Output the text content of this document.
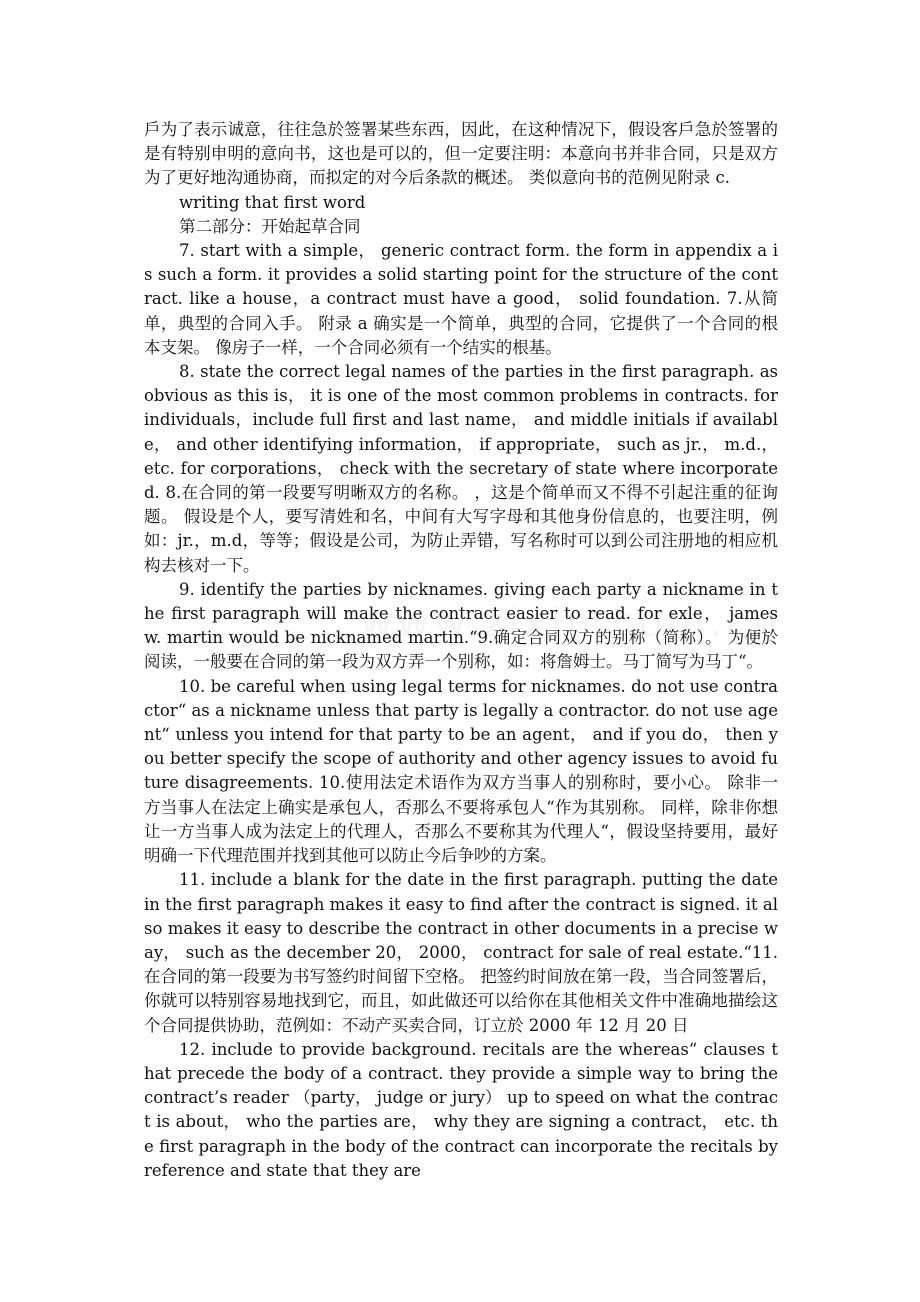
戶为了表示诚意，往往急於签署某些东西，因此，在这种情况下，假设客戶急於签署的是有特别申明的意向书，这也是可以的，但一定要注明：本意向书并非合同，只是双方为了更好地沟通协商，而拟定的对今后条款的概述。 类似意向书的范例见附录 c.

writing that first word

第二部分：开始起草合同

7. start with a simple， generic contract form. the form in appendix a is such a form. it provides a solid starting point for the structure of the contract. like a house，a contract must have a good， solid foundation. 7.从简单，典型的合同入手。 附录 a 确实是一个简单，典型的合同，它提供了一个合同的根本支架。 像房子一样，一个合同必须有一个结实的根基。

8. state the correct legal names of the parties in the first paragraph. as obvious as this is， it is one of the most common problems in contracts. for individuals，include full first and last name， and middle initials if available， and other identifying information， if appropriate， such as jr.， m.d.， etc. for corporations， check with the secretary of state where incorporated. 8.在合同的第一段要写明晰双方的名称。 ，这是个简单而又不得不引起注重的征询题。 假设是个人，要写清姓和名，中间有大写字母和其他身份信息的，也要注明，例如：jr.，m.d，等等；假设是公司，为防止弄错，写名称时可以到公司注册地的相应机构去核对一下。

9. identify the parties by nicknames. giving each party a nickname in the first paragraph will make the contract easier to read. for exle， james w. martin would be nicknamed martin.“9.确定合同双方的别称（简称）。 为便於阅读，一般要在合同的第一段为双方弄一个别称，如：将詹姆士。马丁简写为马丁“。

10. be careful when using legal terms for nicknames. do not use contractor“ as a nickname unless that party is legally a contractor. do not use agent“ unless you intend for that party to be an agent， and if you do， then you better specify the scope of authority and other agency issues to avoid future disagreements. 10.使用法定术语作为双方当事人的别称时，要小心。 除非一方当事人在法定上确实是承包人，否那么不要将承包人“作为其别称。 同样，除非你想让一方当事人成为法定上的代理人，否那么不要称其为代理人“，假设坚持要用，最好明确一下代理范围并找到其他可以防止今后争吵的方案。

11. include a blank for the date in the first paragraph. putting the date in the first paragraph makes it easy to find after the contract is signed. it also makes it easy to describe the contract in other documents in a precise way， such as the december 20， 2000， contract for sale of real estate.“11.在合同的第一段要为书写签约时间留下空格。 把签约时间放在第一段，当合同签署后，你就可以特别容易地找到它，而且，如此做还可以给你在其他相关文件中准确地描绘这个合同提供协助，范例如：不动产买卖合同，订立於 2000 年 12 月 20 日

12. include to provide background. recitals are the whereas“ clauses that precede the body of a contract. they provide a simple way to bring the contract’s reader （party， judge or jury） up to speed on what the contract is about， who the parties are， why they are signing a contract， etc. the first paragraph in the body of the contract can incorporate the recitals by reference and state that they are
